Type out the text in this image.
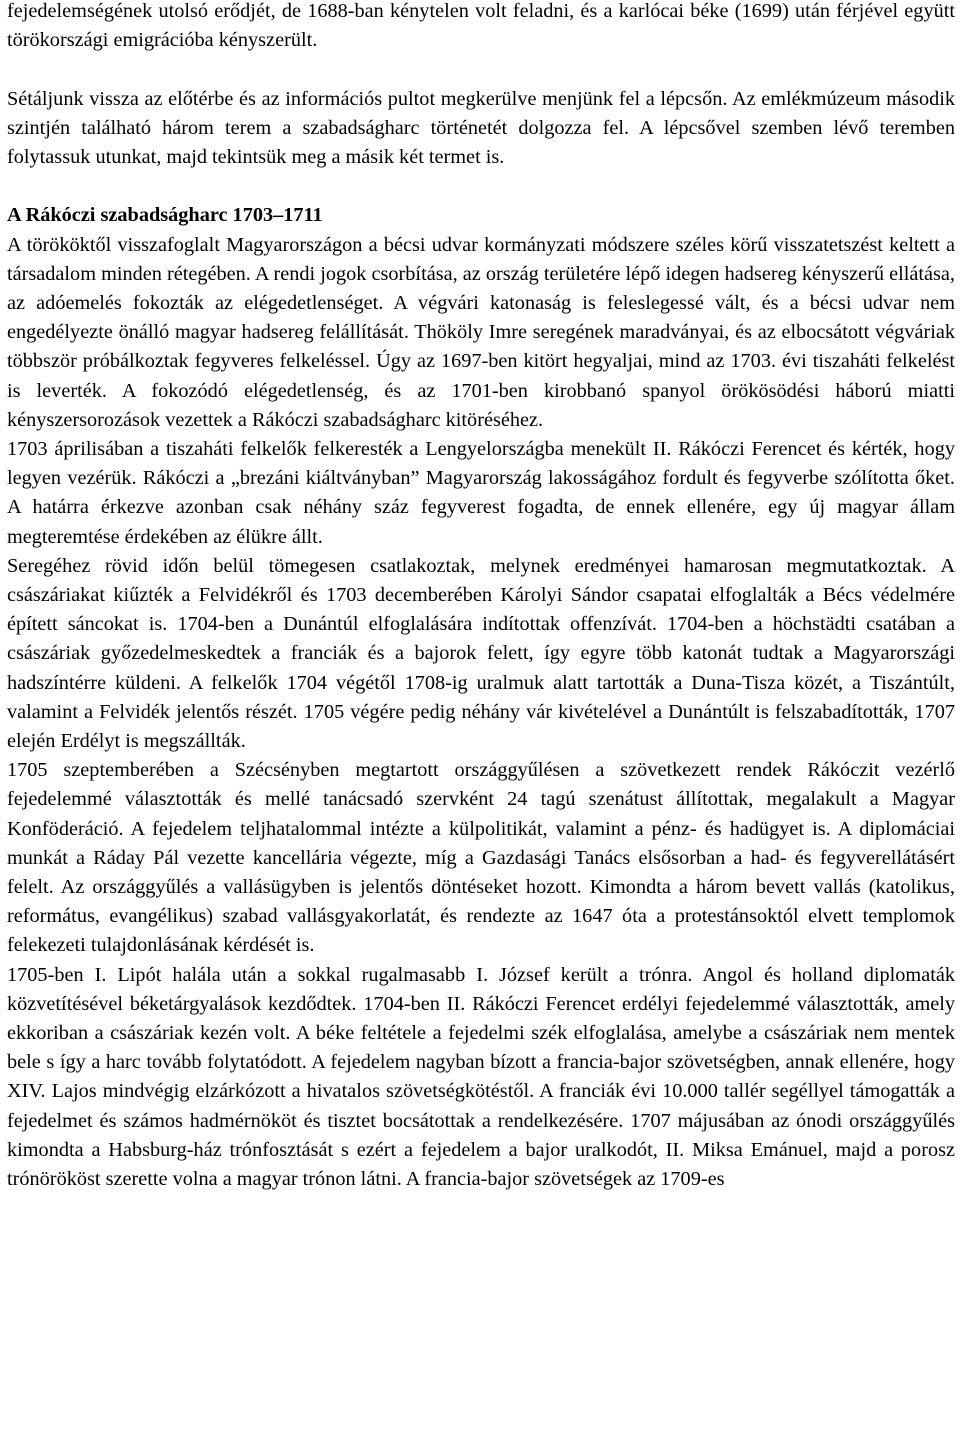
fejedelemségének utolsó erődjét, de 1688-ban kénytelen volt feladni, és a karlócai béke (1699) után férjével együtt törökországi emigrációba kényszerült.

Sétáljunk vissza az előtérbe és az információs pultot megkerülve menjünk fel a lépcsőn. Az emlékmúzeum második szintjén található három terem a szabadságharc történetét dolgozza fel. A lépcsővel szemben lévő teremben folytassuk utunkat, majd tekintsük meg a másik két termet is.

A Rákóczi szabadságharc 1703–1711

A törököktől visszafoglalt Magyarországon a bécsi udvar kormányzati módszere széles körű visszatetszést keltett a társadalom minden rétegében. A rendi jogok csorbítása, az ország területére lépő idegen hadsereg kényszerű ellátása, az adóemelés fokozták az elégedetlenséget. A végvári katonaság is feleslegessé vált, és a bécsi udvar nem engedélyezte önálló magyar hadsereg felállítását. Thököly Imre seregének maradványai, és az elbocsátott végváriak többször próbálkoztak fegyveres felkeléssel. Úgy az 1697-ben kitört hegyaljai, mind az 1703. évi tiszaháti felkelést is leverték. A fokozódó elégedetlenség, és az 1701-ben kirobbanó spanyol örökösödési háború miatti kényszersorozások vezettek a Rákóczi szabadságharc kitöréséhez.

1703 áprilisában a tiszaháti felkelők felkeresték a Lengyelországba menekült II. Rákóczi Ferencet és kérték, hogy legyen vezérük. Rákóczi a „brezáni kiáltványban” Magyarország lakosságához fordult és fegyverbe szólította őket. A határra érkezve azonban csak néhány száz fegyverest fogadta, de ennek ellenére, egy új magyar állam megteremtése érdekében az élükre állt.

Seregéhez rövid időn belül tömegesen csatlakoztak, melynek eredményei hamarosan megmutatkoztak. A császáriakat kiűzték a Felvidékről és 1703 decemberében Károlyi Sándor csapatai elfoglalták a Bécs védelmére épített sáncokat is. 1704-ben a Dunántúl elfoglalására indítottak offenzívát. 1704-ben a höchstädti csatában a császáriak győzedelmeskedtek a franciák és a bajorok felett, így egyre több katonát tudtak a Magyarországi hadszíntérre küldeni. A felkelők 1704 végétől 1708-ig uralmuk alatt tartották a Duna-Tisza közét, a Tiszántúlt, valamint a Felvidék jelentős részét. 1705 végére pedig néhány vár kivételével a Dunántúlt is felszabadították, 1707 elején Erdélyt is megszállták.

1705 szeptemberében a Szécsényben megtartott országgyűlésen a szövetkezett rendek Rákóczit vezérlő fejedelemmé választották és mellé tanácsadó szervként 24 tagú szenátust állítottak, megalakult a Magyar Konföderáció. A fejedelem teljhatalommal intézte a külpolitikát, valamint a pénz- és hadügyet is. A diplomáciai munkát a Ráday Pál vezette kancellária végezte, míg a Gazdasági Tanács elsősorban a had- és fegyverellátásért felelt. Az országgyűlés a vallásügyben is jelentős döntéseket hozott. Kimondta a három bevett vallás (katolikus, református, evangélikus) szabad vallásgyakorlatát, és rendezte az 1647 óta a protestánsoktól elvett templomok felekezeti tulajdonlásának kérdését is.

1705-ben I. Lipót halála után a sokkal rugalmasabb I. József került a trónra. Angol és holland diplomaták közvetítésével béketárgyalások kezdődtek. 1704-ben II. Rákóczi Ferencet erdélyi fejedelemmé választották, amely ekkoriban a császáriak kezén volt. A béke feltétele a fejedelmi szék elfoglalása, amelybe a császáriak nem mentek bele s így a harc tovább folytatódott. A fejedelem nagyban bízott a francia-bajor szövetségben, annak ellenére, hogy XIV. Lajos mindvégig elzárkózott a hivatalos szövetségkötéstől. A franciák évi 10.000 tallér segéllyel támogatták a fejedelmet és számos hadmérnököt és tisztet bocsátottak a rendelkezésére. 1707 májusában az ónodi országgyűlés kimondta a Habsburg-ház trónfosztását s ezért a fejedelem a bajor uralkodót, II. Miksa Emánuel, majd a porosz trónörököst szerette volna a magyar trónon látni. A francia-bajor szövetségek az 1709-es
